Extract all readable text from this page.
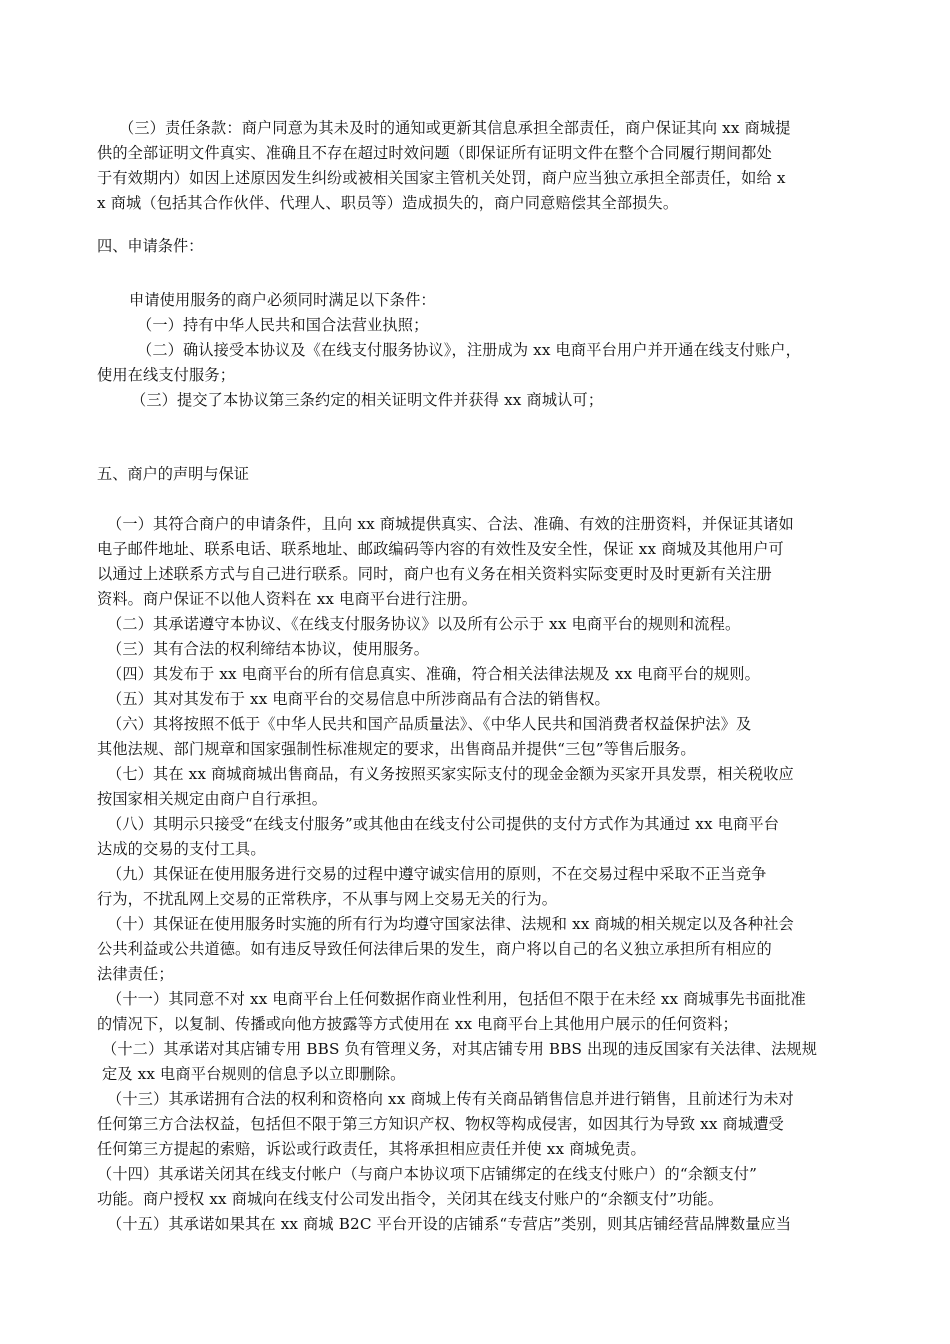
（三）责任条款：商户同意为其未及时的通知或更新其信息承担全部责任，商户保证其向 xx 商城提
供的全部证明文件真实、准确且不存在超过时效问题（即保证所有证明文件在整个合同履行期间都处
于有效期内）如因上述原因发生纠纷或被相关国家主管机关处罚，商户应当独立承担全部责任，如给 x
x 商城（包括其合作伙伴、代理人、职员等）造成损失的，商户同意赔偿其全部损失。

四、申请条件：

申请使用服务的商户必须同时满足以下条件：
（一）持有中华人民共和国合法营业执照；
（二）确认接受本协议及《在线支付服务协议》，注册成为 xx 电商平台用户并开通在线支付账户，
使用在线支付服务；
（三）提交了本协议第三条约定的相关证明文件并获得 xx 商城认可；

五、商户的声明与保证

（一）其符合商户的申请条件，且向 xx 商城提供真实、合法、准确、有效的注册资料，并保证其诸如
电子邮件地址、联系电话、联系地址、邮政编码等内容的有效性及安全性，保证 xx 商城及其他用户可
以通过上述联系方式与自己进行联系。同时，商户也有义务在相关资料实际变更时及时更新有关注册
资料。商户保证不以他人资料在 xx 电商平台进行注册。
（二）其承诺遵守本协议、《在线支付服务协议》以及所有公示于 xx 电商平台的规则和流程。
（三）其有合法的权利缔结本协议，使用服务。
（四）其发布于 xx 电商平台的所有信息真实、准确，符合相关法律法规及 xx 电商平台的规则。
（五）其对其发布于 xx 电商平台的交易信息中所涉商品有合法的销售权。
（六）其将按照不低于《中华人民共和国产品质量法》、《中华人民共和国消费者权益保护法》及
其他法规、部门规章和国家强制性标准规定的要求，出售商品并提供“三包”等售后服务。
（七）其在 xx 商城商城出售商品，有义务按照买家实际支付的现金金额为买家开具发票，相关税收应
按国家相关规定由商户自行承担。
（八）其明示只接受“在线支付服务”或其他由在线支付公司提供的支付方式作为其通过 xx 电商平台
达成的交易的支付工具。
（九）其保证在使用服务进行交易的过程中遵守诚实信用的原则，不在交易过程中采取不正当竞争
行为，不扰乱网上交易的正常秩序，不从事与网上交易无关的行为。
（十）其保证在使用服务时实施的所有行为均遵守国家法律、法规和 xx 商城的相关规定以及各种社会
公共利益或公共道德。如有违反导致任何法律后果的发生，商户将以自己的名义独立承担所有相应的
法律责任；
（十一）其同意不对 xx 电商平台上任何数据作商业性利用，包括但不限于在未经 xx 商城事先书面批准
的情况下，以复制、传播或向他方披露等方式使用在 xx 电商平台上其他用户展示的任何资料；
（十二）其承诺对其店铺专用 BBS 负有管理义务，对其店铺专用 BBS 出现的违反国家有关法律、法规规
定及 xx 电商平台规则的信息予以立即删除。
（十三）其承诺拥有合法的权利和资格向 xx 商城上传有关商品销售信息并进行销售，且前述行为未对
任何第三方合法权益，包括但不限于第三方知识产权、物权等构成侵害，如因其行为导致 xx 商城遭受
任何第三方提起的索赔，诉讼或行政责任，其将承担相应责任并使 xx 商城免责。
（十四）其承诺关闭其在线支付帐户（与商户本协议项下店铺绑定的在线支付账户）的“余额支付”
功能。商户授权 xx 商城向在线支付公司发出指令，关闭其在线支付账户的“余额支付”功能。
（十五）其承诺如果其在 xx 商城 B2C 平台开设的店铺系“专营店”类别，则其店铺经营品牌数量应当
